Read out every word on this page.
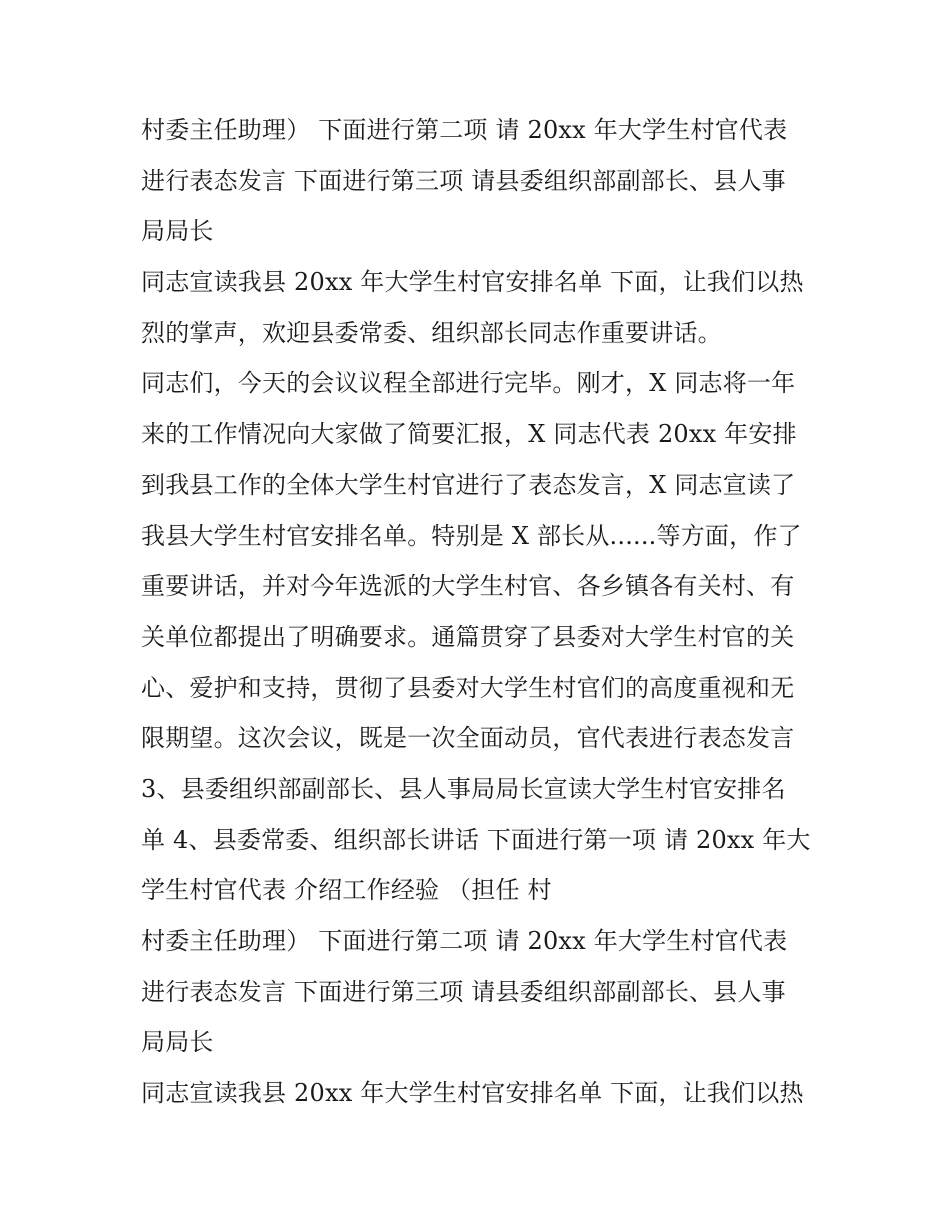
村委主任助理） 下面进行第二项 请 20xx 年大学生村官代表
进行表态发言 下面进行第三项 请县委组织部副部长、县人事
局局长
同志宣读我县 20xx 年大学生村官安排名单 下面，让我们以热
烈的掌声，欢迎县委常委、组织部长同志作重要讲话。
同志们，今天的会议议程全部进行完毕。刚才，X 同志将一年
来的工作情况向大家做了简要汇报，X 同志代表 20xx 年安排
到我县工作的全体大学生村官进行了表态发言，X 同志宣读了
我县大学生村官安排名单。特别是 X 部长从......等方面，作了
重要讲话，并对今年选派的大学生村官、各乡镇各有关村、有
关单位都提出了明确要求。通篇贯穿了县委对大学生村官的关
心、爱护和支持，贯彻了县委对大学生村官们的高度重视和无
限期望。这次会议，既是一次全面动员，官代表进行表态发言
3、县委组织部副部长、县人事局局长宣读大学生村官安排名
单 4、县委常委、组织部长讲话 下面进行第一项 请 20xx 年大
学生村官代表 介绍工作经验 （担任 村
村委主任助理） 下面进行第二项 请 20xx 年大学生村官代表
进行表态发言 下面进行第三项 请县委组织部副部长、县人事
局局长
同志宣读我县 20xx 年大学生村官安排名单 下面，让我们以热
